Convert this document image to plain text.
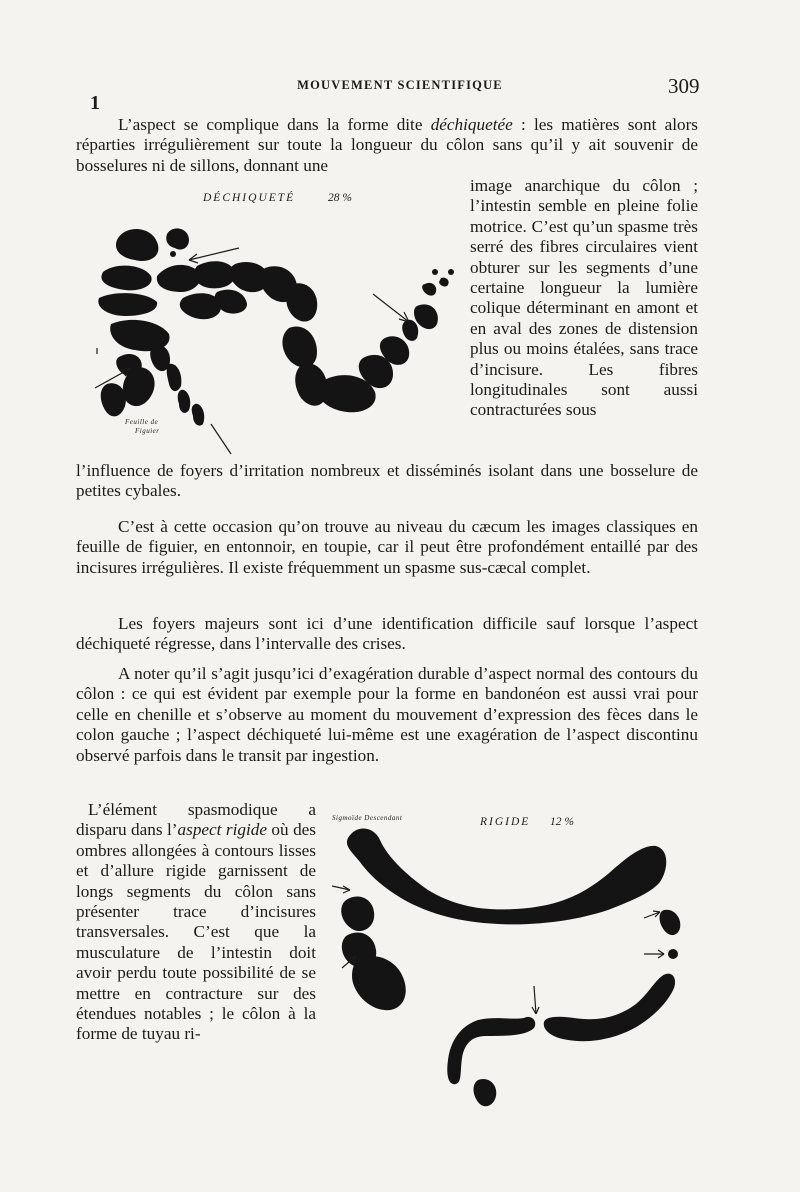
MOUVEMENT SCIENTIFIQUE	309
1

L’aspect se complique dans la forme dite déchiquetée : les matières sont alors réparties irrégulièrement sur toute la longueur du côlon sans qu’il y ait souvenir de bosselures ni de sillons, donnant une

image anarchique du côlon ; l’intestin semble en pleine folie motrice. C’est qu’un spasme très serré des fibres circulaires vient obturer sur les segments d’une certaine longueur la lumière colique déterminant en amont et en aval des zones de distension plus ou moins étalées, sans trace d’incisure. Les fibres longitudinales sont aussi contracturées sous

DÉCHIQUETÉ	28 %
Feuille de
Figuier

l’influence de foyers d’irritation nombreux et disséminés isolant dans une bosselure de petites cybales.

C’est à cette occasion qu’on trouve au niveau du cæcum les images classiques en feuille de figuier, en entonnoir, en toupie, car il peut être profondément entaillé par des incisures irrégulières. Il existe fréquemment un spasme sus-cæcal complet.

Les foyers majeurs sont ici d’une identification difficile sauf lorsque l’aspect déchiqueté régresse, dans l’intervalle des crises.

A noter qu’il s’agit jusqu’ici d’exagération durable d’aspect normal des contours du côlon : ce qui est évident par exemple pour la forme en bandonéon est aussi vrai pour celle en chenille et s’observe au moment du mouvement d’expression des fèces dans le colon gauche ; l’aspect déchiqueté lui-même est une exagération de l’aspect discontinu observé parfois dans le transit par ingestion.

L’élément spasmodique a disparu dans l’aspect rigide où des ombres allongées à contours lisses et d’allure rigide garnissent de longs segments du côlon sans présenter trace d’incisures transversales. C’est que la musculature de l’intestin doit avoir perdu toute possibilité de se mettre en contracture sur des étendues notables ; le côlon à la forme de tuyau ri-

Sigmoïde Descendant	RIGIDE 12 %
